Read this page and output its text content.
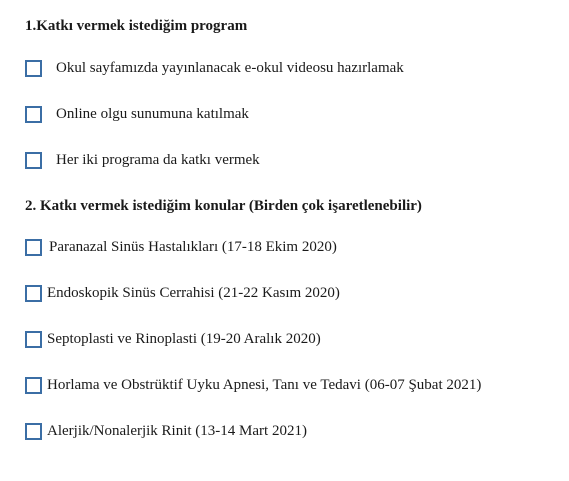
1.Katkı vermek istediğim program
Okul sayfamızda yayınlanacak e-okul videosu hazırlamak
Online olgu sunumuna katılmak
Her iki programa da katkı vermek
2. Katkı vermek istediğim konular (Birden çok işaretlenebilir)
Paranazal Sinüs Hastalıkları (17-18 Ekim 2020)
Endoskopik Sinüs Cerrahisi (21-22 Kasım 2020)
Septoplasti ve Rinoplasti (19-20 Aralık 2020)
Horlama ve Obstrüktif Uyku Apnesi, Tanı ve Tedavi (06-07 Şubat 2021)
Alerjik/Nonalerjik Rinit (13-14 Mart 2021)
